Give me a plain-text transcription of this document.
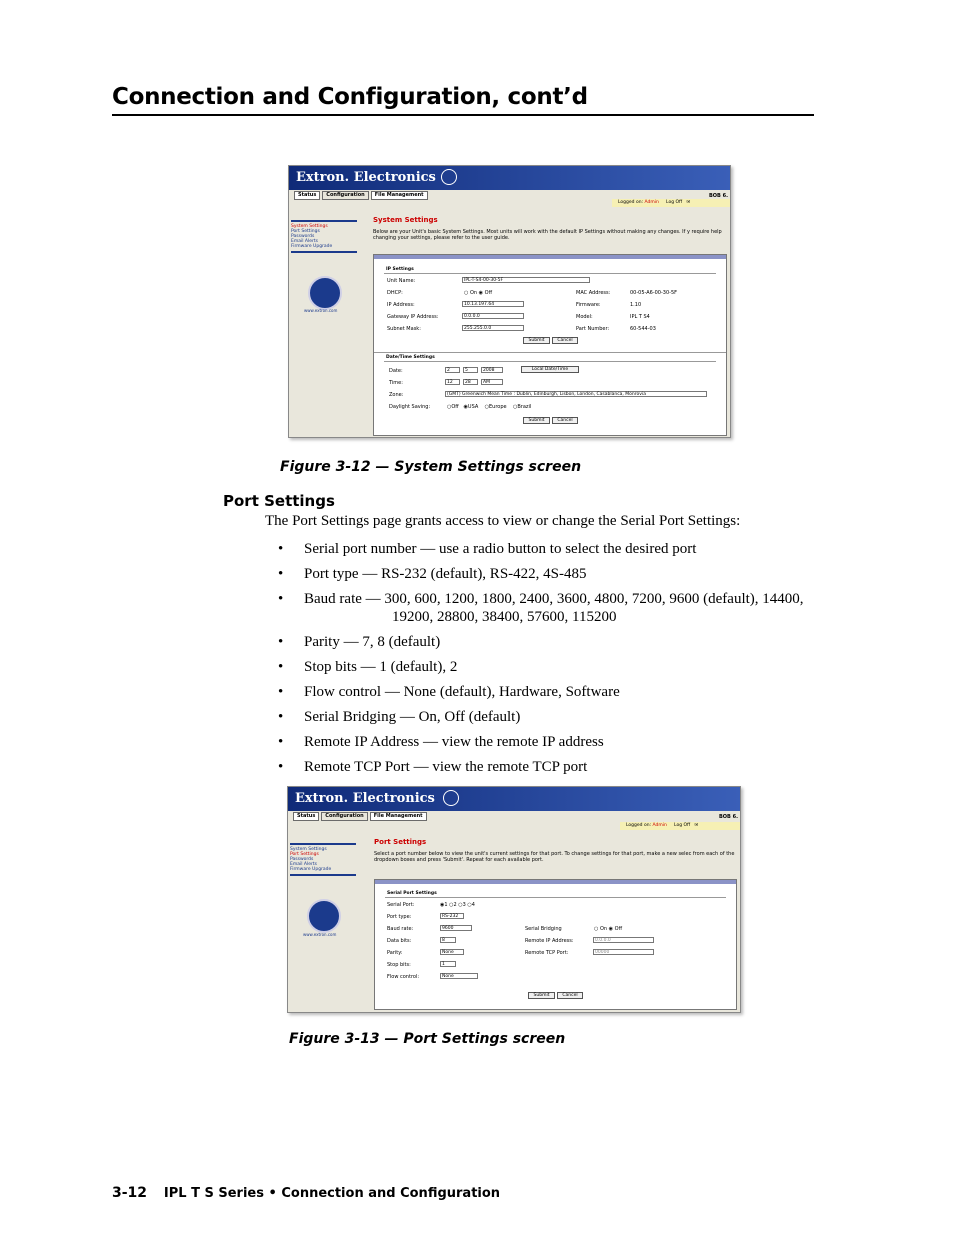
Connection and Configuration, cont’d
Extron. Electronics
Status	Configuration	File Management	BOB 6.
Logged on: Admin Log Off ✉
System Settings
Port Settings
Passwords
Email Alerts
Firmware Upgrade
www.extron.com
System Settings
Below are your Unit's basic System Settings. Most units will work with the default IP Settings without making any changes. If y require help changing your settings, please refer to the user guide.
IP Settings
Unit Name:	IPL-T-S4-00-30-5F
DHCP:	○ On ◉ Off
IP Address:	10.13.197.64
Gateway IP Address:	0.0.0.0
Subnet Mask:	255.255.0.0
MAC Address:	00-05-A6-00-30-5F
Firmware:	1.10
Model:	IPL T S4
Part Number:	60-544-03
Submit	Cancel
Date/Time Settings
Date:	2	5	2008	Local Date/Time
Time:	12	28	AM
Zone:	(GMT) Greenwich Mean Time : Dublin, Edinburgh, Lisbon, London, Casablanca, Monrovia
Daylight Saving:	○Off ◉USA ○Europe ○Brazil
Submit	Cancel
Figure 3-12 — System Settings screen
Port Settings
The Port Settings page grants access to view or change the Serial Port Settings:
• Serial port number — use a radio button to select the desired port
• Port type — RS-232 (default), RS-422, 4S-485
• Baud rate — 300, 600, 1200, 1800, 2400, 3600, 4800, 7200, 9600 (default), 14400,
19200, 28800, 38400, 57600, 115200
• Parity — 7, 8 (default)
• Stop bits — 1 (default), 2
• Flow control — None (default), Hardware, Software
• Serial Bridging — On, Off (default)
• Remote IP Address — view the remote IP address
• Remote TCP Port — view the remote TCP port
Extron. Electronics
Status	Configuration	File Management	BOB 6.
Logged on: Admin Log Off ✉
System Settings
Port Settings
Passwords
Email Alerts
Firmware Upgrade
www.extron.com
Port Settings
Select a port number below to view the unit's current settings for that port. To change settings for that port, make a new selec from each of the dropdown boxes and press 'Submit'. Repeat for each available port.
Serial Port Settings
Serial Port:	◉1 ○2 ○3 ○4
Port type:	RS-232
Baud rate:	9600
Data bits:	8
Parity:	None
Stop bits:	1
Flow control:	None
Serial Bridging	○ On ◉ Off
Remote IP Address:	0.0.0.0
Remote TCP Port:	00000
Submit	Cancel
Figure 3-13 — Port Settings screen
3-12 IPL T S Series • Connection and Configuration
